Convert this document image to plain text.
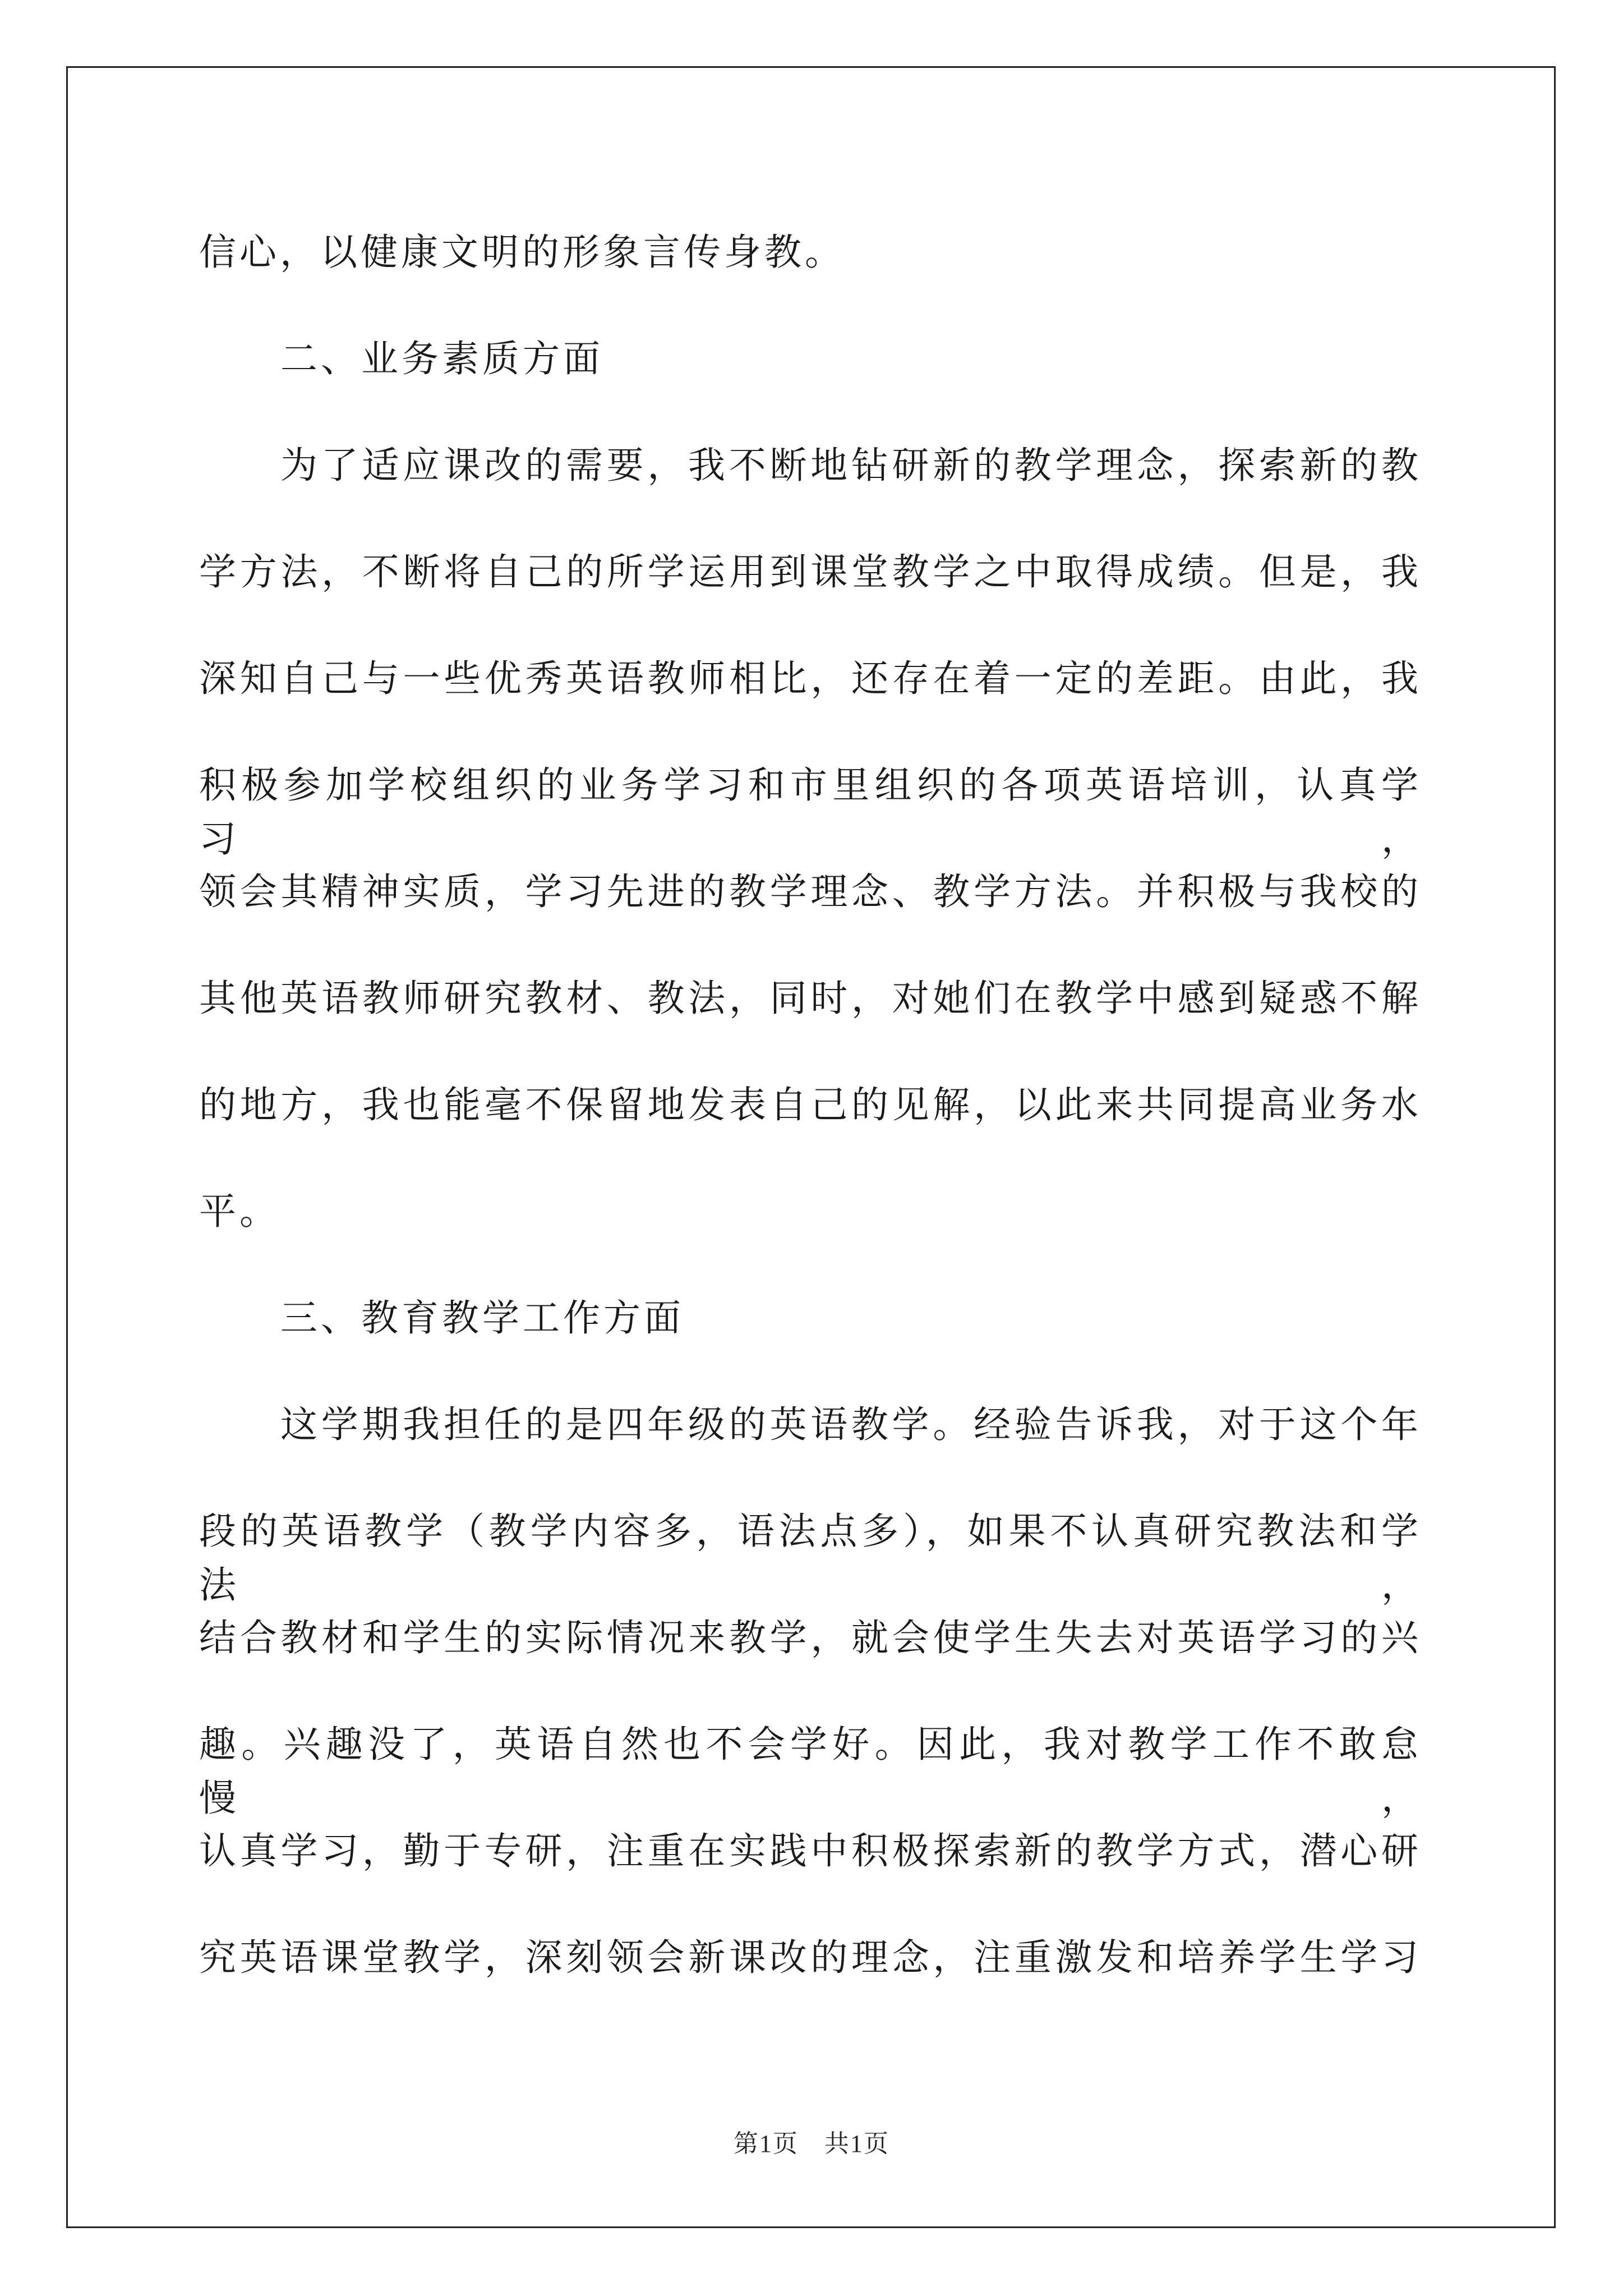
信心，以健康文明的形象言传身教。
二、业务素质方面
为了适应课改的需要，我不断地钻研新的教学理念，探索新的教
学方法，不断将自己的所学运用到课堂教学之中取得成绩。但是，我
深知自己与一些优秀英语教师相比，还存在着一定的差距。由此，我
积极参加学校组织的业务学习和市里组织的各项英语培训，认真学习，
领会其精神实质，学习先进的教学理念、教学方法。并积极与我校的
其他英语教师研究教材、教法，同时，对她们在教学中感到疑惑不解
的地方，我也能毫不保留地发表自己的见解，以此来共同提高业务水
平。
三、教育教学工作方面
这学期我担任的是四年级的英语教学。经验告诉我，对于这个年
段的英语教学（教学内容多，语法点多），如果不认真研究教法和学法，
结合教材和学生的实际情况来教学，就会使学生失去对英语学习的兴
趣。兴趣没了，英语自然也不会学好。因此，我对教学工作不敢怠慢，
认真学习，勤于专研，注重在实践中积极探索新的教学方式，潜心研
究英语课堂教学，深刻领会新课改的理念，注重激发和培养学生学习
第1页　共1页
